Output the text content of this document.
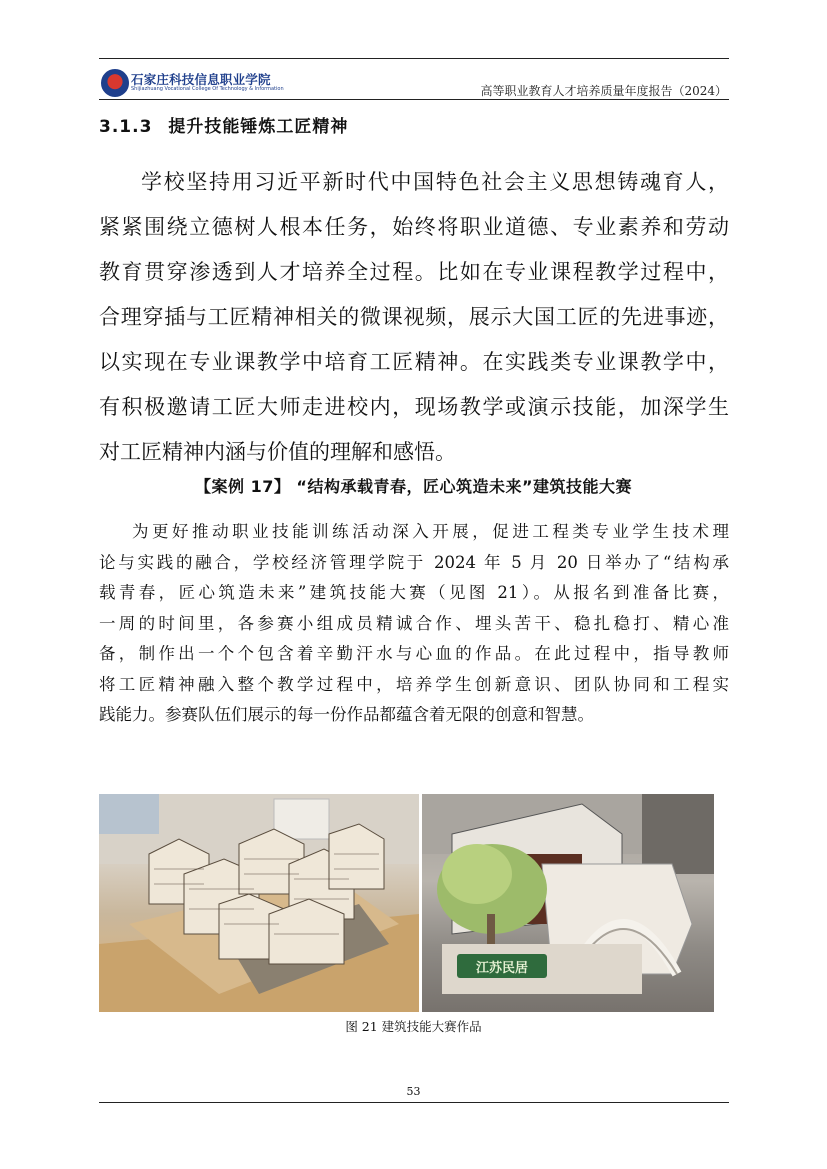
石家庄科技信息职业学院
Shijiazhuang Vocational College Of Technology & Information	高等职业教育人才培养质量年度报告（2024）
3.1.3 提升技能锤炼工匠精神
学校坚持用习近平新时代中国特色社会主义思想铸魂育人，
紧紧围绕立德树人根本任务，始终将职业道德、专业素养和劳动
教育贯穿渗透到人才培养全过程。比如在专业课程教学过程中，
合理穿插与工匠精神相关的微课视频，展示大国工匠的先进事迹，
以实现在专业课教学中培育工匠精神。在实践类专业课教学中，
有积极邀请工匠大师走进校内，现场教学或演示技能，加深学生
对工匠精神内涵与价值的理解和感悟。
【案例 17】 “结构承载青春，匠心筑造未来”建筑技能大赛
为更好推动职业技能训练活动深入开展，促进工程类专业学生技术理
论与实践的融合，学校经济管理学院于 2024 年 5 月 20 日举办了“结构承
载青春，匠心筑造未来”建筑技能大赛（见图 21）。从报名到准备比赛，
一周的时间里，各参赛小组成员精诚合作、埋头苦干、稳扎稳打、精心准
备，制作出一个个包含着辛勤汗水与心血的作品。在此过程中，指导教师
将工匠精神融入整个教学过程中，培养学生创新意识、团队协同和工程实
践能力。参赛队伍们展示的每一份作品都蕴含着无限的创意和智慧。
江苏民居
图 21 建筑技能大赛作品
53
